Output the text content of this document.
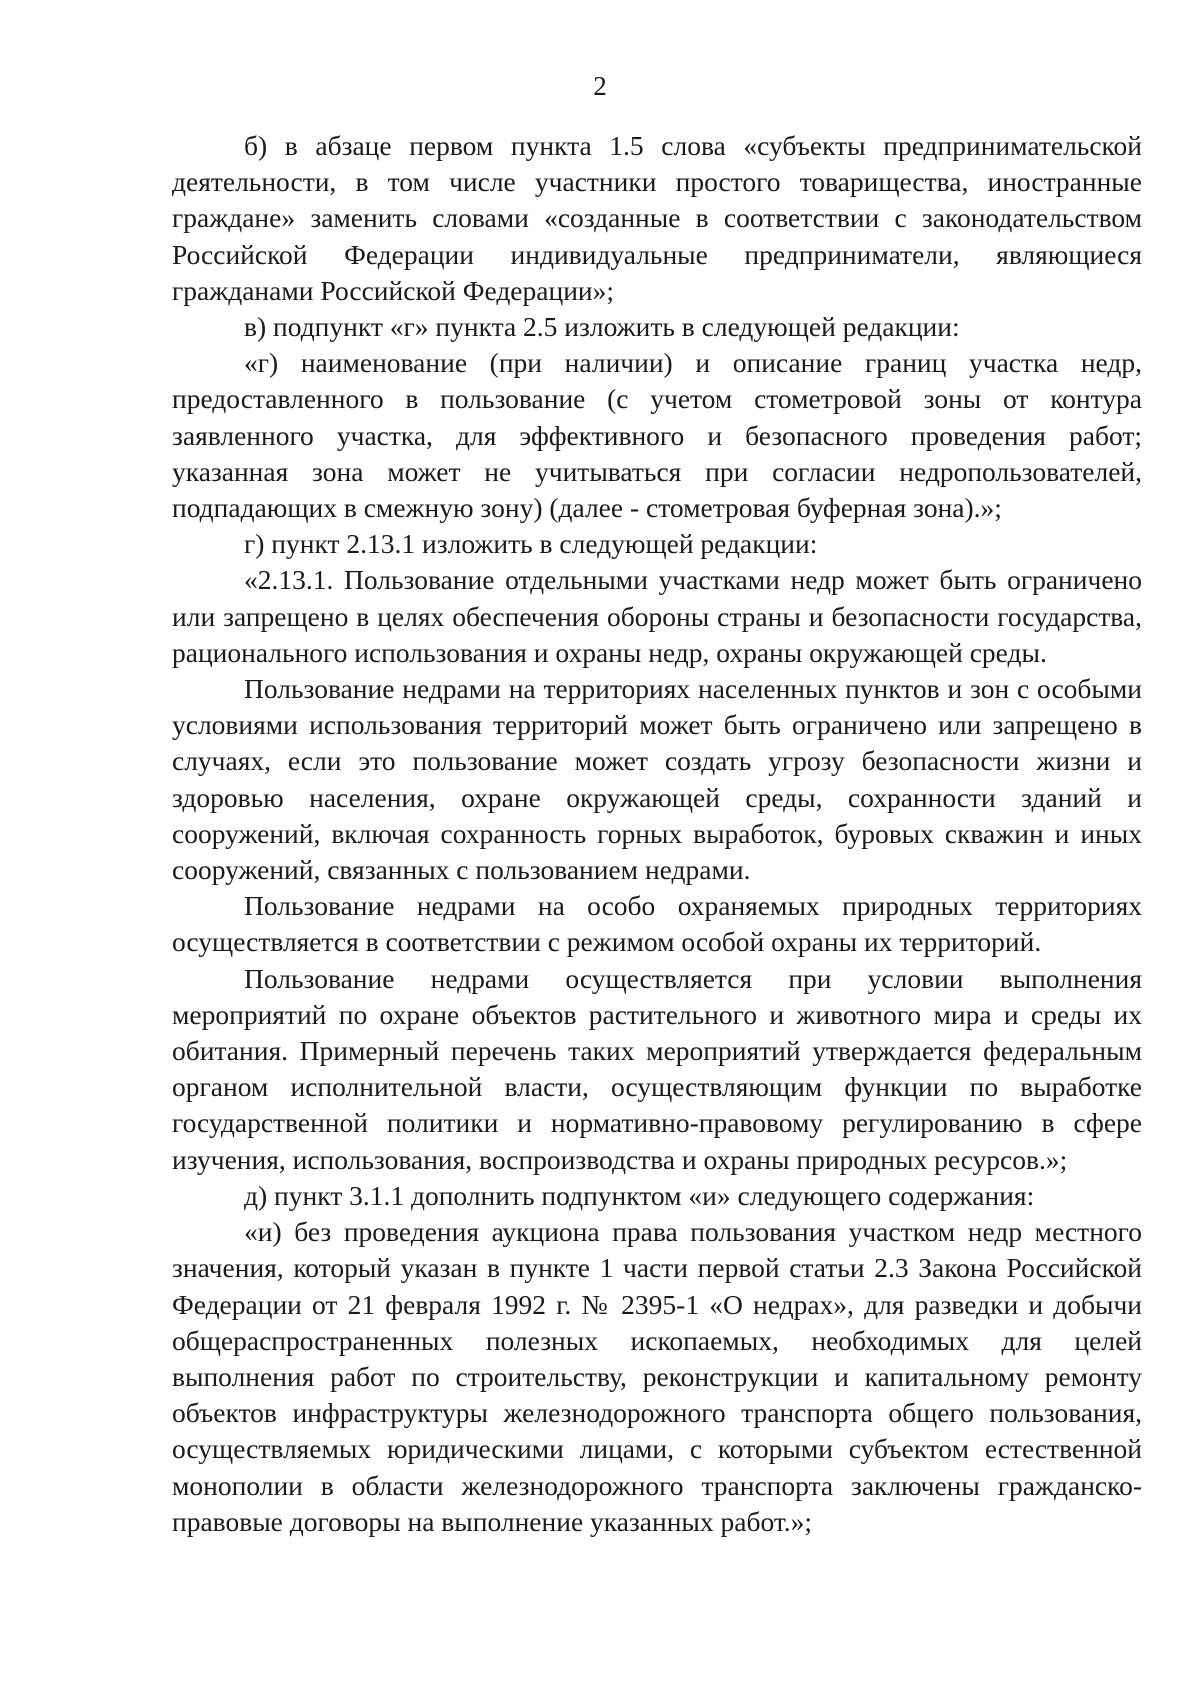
2

б) в абзаце первом пункта 1.5 слова «субъекты предпринимательской деятельности, в том числе участники простого товарищества, иностранные граждане» заменить словами «созданные в соответствии с законодательством Российской Федерации индивидуальные предприниматели, являющиеся гражданами Российской Федерации»;

в) подпункт «г» пункта 2.5 изложить в следующей редакции:

«г) наименование (при наличии) и описание границ участка недр, предоставленного в пользование (с учетом стометровой зоны от контура заявленного участка, для эффективного и безопасного проведения работ; указанная зона может не учитываться при согласии недропользователей, подпадающих в смежную зону) (далее - стометровая буферная зона).»;

г) пункт 2.13.1 изложить в следующей редакции:

«2.13.1. Пользование отдельными участками недр может быть ограничено или запрещено в целях обеспечения обороны страны и безопасности государства, рационального использования и охраны недр, охраны окружающей среды.

Пользование недрами на территориях населенных пунктов и зон с особыми условиями использования территорий может быть ограничено или запрещено в случаях, если это пользование может создать угрозу безопасности жизни и здоровью населения, охране окружающей среды, сохранности зданий и сооружений, включая сохранность горных выработок, буровых скважин и иных сооружений, связанных с пользованием недрами.

Пользование недрами на особо охраняемых природных территориях осуществляется в соответствии с режимом особой охраны их территорий.

Пользование недрами осуществляется при условии выполнения мероприятий по охране объектов растительного и животного мира и среды их обитания. Примерный перечень таких мероприятий утверждается федеральным органом исполнительной власти, осуществляющим функции по выработке государственной политики и нормативно-правовому регулированию в сфере изучения, использования, воспроизводства и охраны природных ресурсов.»;

д) пункт 3.1.1 дополнить подпунктом «и» следующего содержания:

«и) без проведения аукциона права пользования участком недр местного значения, который указан в пункте 1 части первой статьи 2.3 Закона Российской Федерации от 21 февраля 1992 г. № 2395-1 «О недрах», для разведки и добычи общераспространенных полезных ископаемых, необходимых для целей выполнения работ по строительству, реконструкции и капитальному ремонту объектов инфраструктуры железнодорожного транспорта общего пользования, осуществляемых юридическими лицами, с которыми субъектом естественной монополии в области железнодорожного транспорта заключены гражданско-правовые договоры на выполнение указанных работ.»;
